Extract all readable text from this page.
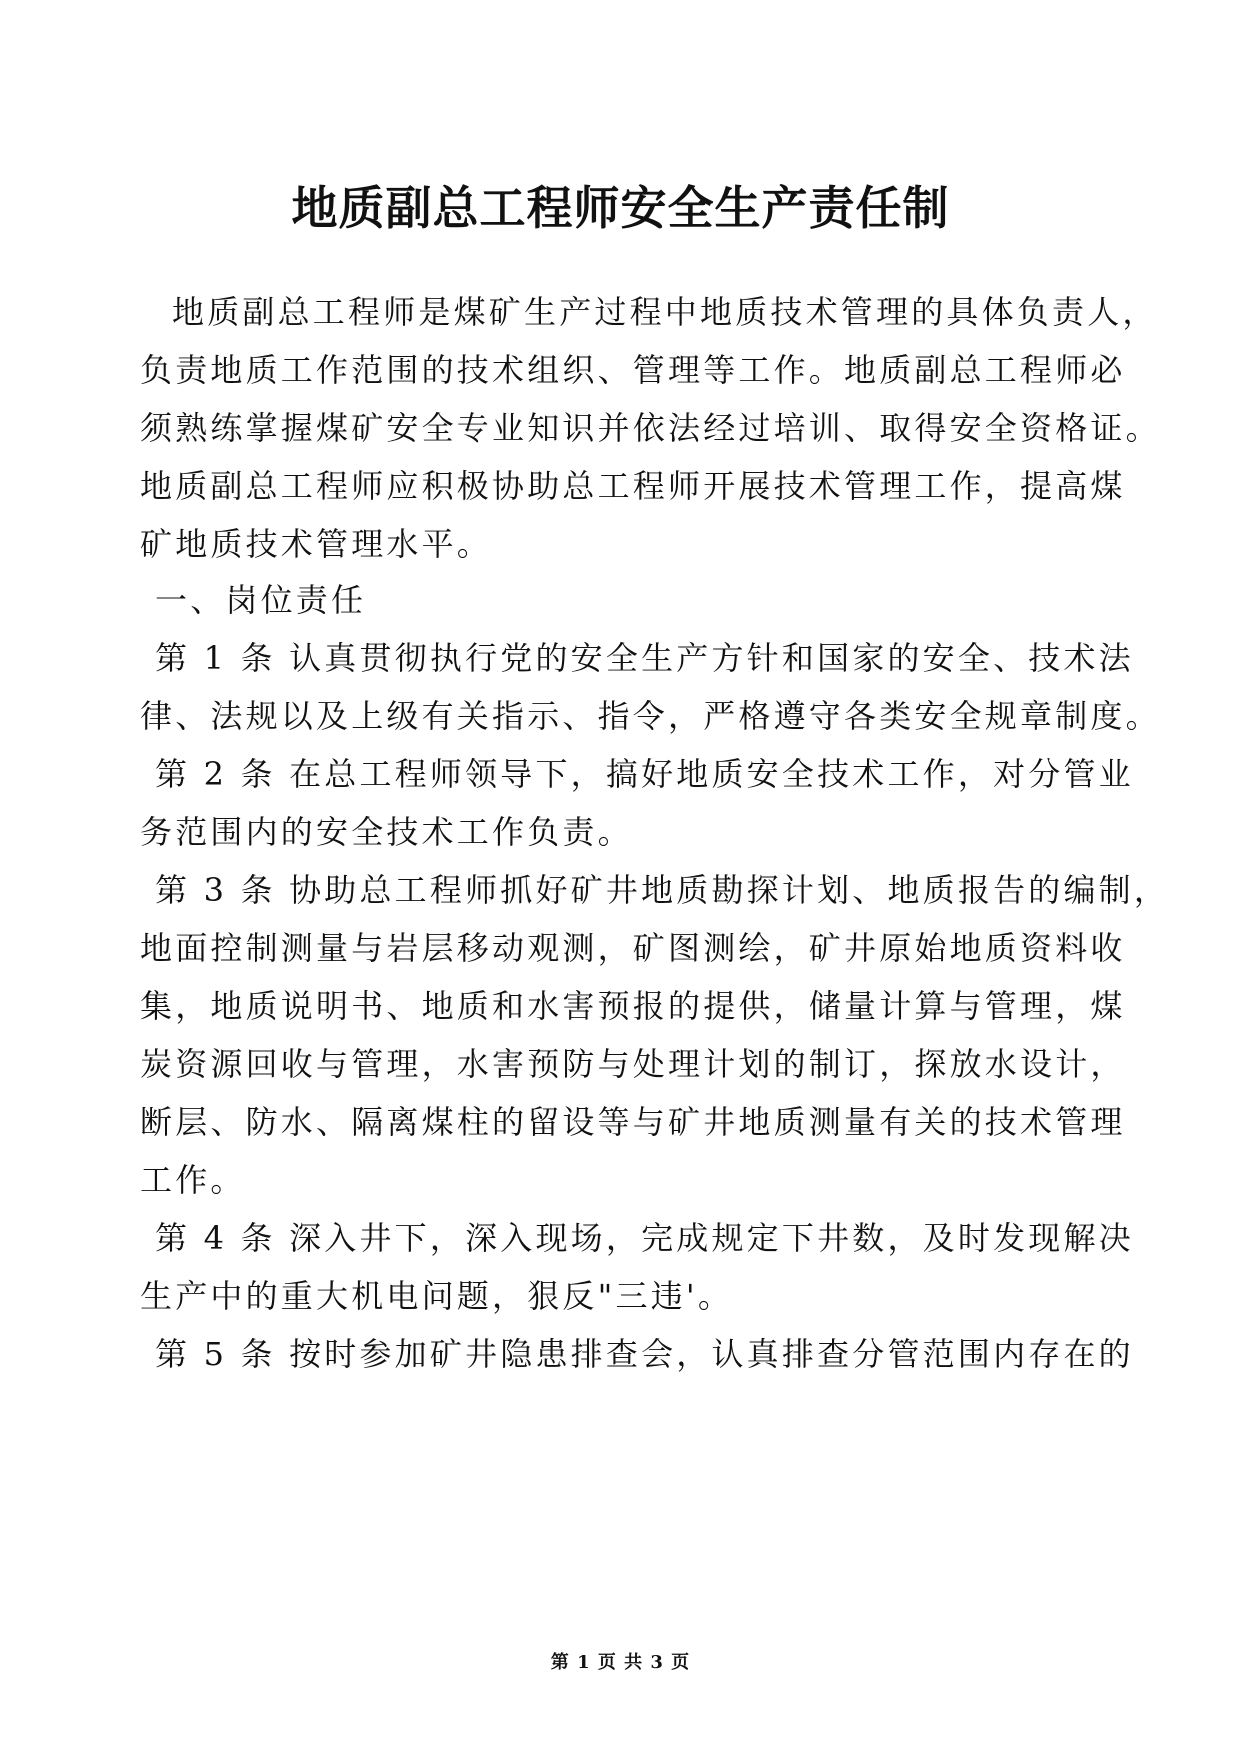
地质副总工程师安全生产责任制
地质副总工程师是煤矿生产过程中地质技术管理的具体负责人，
负责地质工作范围的技术组织、管理等工作。地质副总工程师必
须熟练掌握煤矿安全专业知识并依法经过培训、取得安全资格证。
地质副总工程师应积极协助总工程师开展技术管理工作，提高煤
矿地质技术管理水平。
一、岗位责任
第 1 条 认真贯彻执行党的安全生产方针和国家的安全、技术法
律、法规以及上级有关指示、指令，严格遵守各类安全规章制度。
第 2 条 在总工程师领导下，搞好地质安全技术工作，对分管业
务范围内的安全技术工作负责。
第 3 条 协助总工程师抓好矿井地质勘探计划、地质报告的编制，
地面控制测量与岩层移动观测，矿图测绘，矿井原始地质资料收
集，地质说明书、地质和水害预报的提供，储量计算与管理，煤
炭资源回收与管理，水害预防与处理计划的制订，探放水设计，
断层、防水、隔离煤柱的留设等与矿井地质测量有关的技术管理
工作。
第 4 条 深入井下，深入现场，完成规定下井数，及时发现解决
生产中的重大机电问题，狠反"三违'。
第 5 条 按时参加矿井隐患排查会，认真排查分管范围内存在的
第 1 页 共 3 页
